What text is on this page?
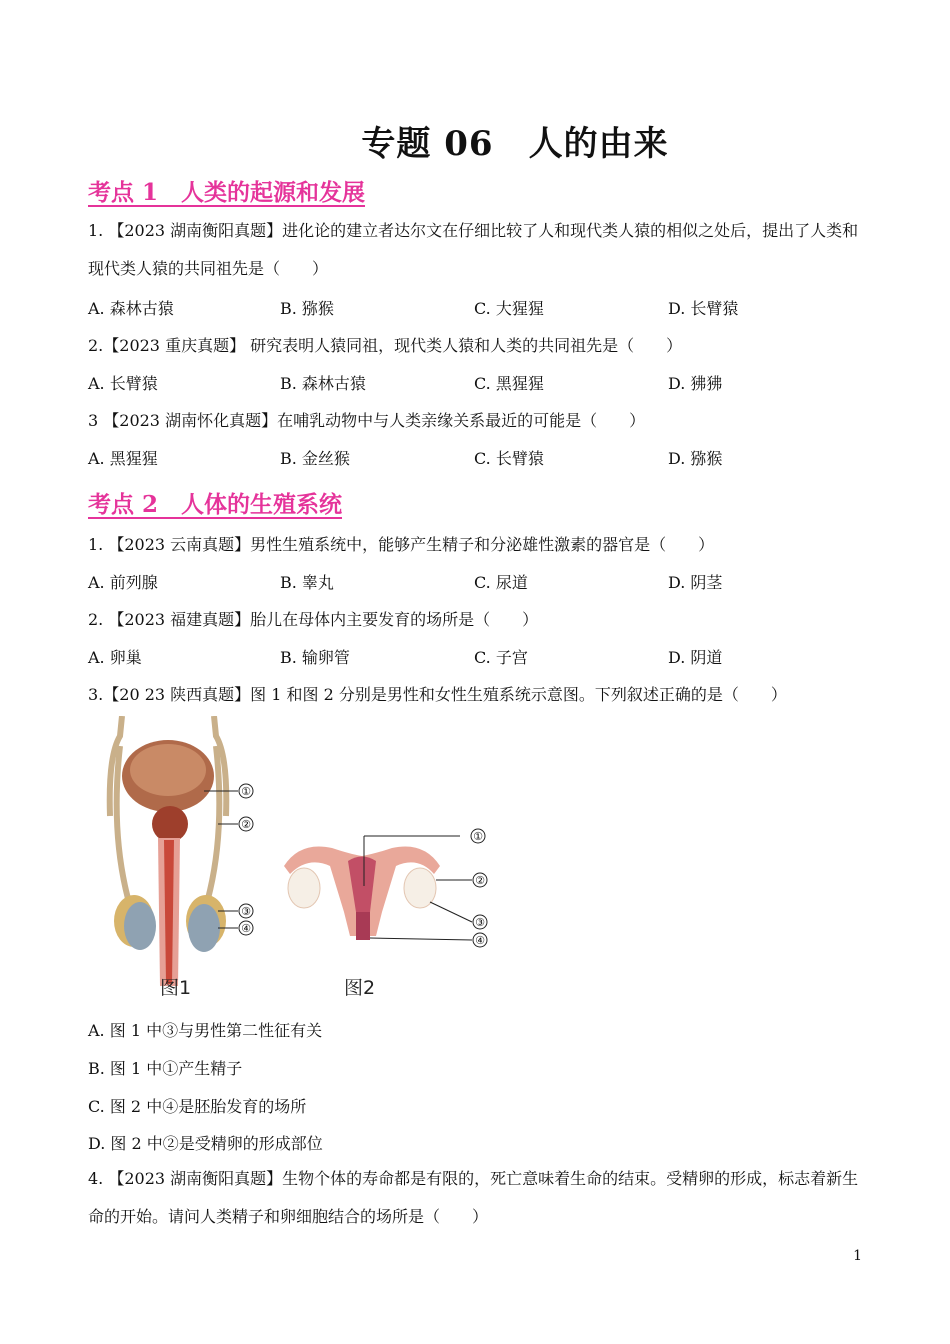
专题 06　人的由来
考点 1　人类的起源和发展
1. 【2023 湖南衡阳真题】进化论的建立者达尔文在仔细比较了人和现代类人猿的相似之处后，提出了人类和现代类人猿的共同祖先是（　　）
A. 森林古猿	B. 猕猴	C. 大猩猩	D. 长臂猿
2.【2023 重庆真题】 研究表明人猿同祖，现代类人猿和人类的共同祖先是（　　）
A. 长臂猿	B. 森林古猿	C. 黑猩猩	D. 狒狒
3 【2023 湖南怀化真题】在哺乳动物中与人类亲缘关系最近的可能是（　　）
A. 黑猩猩	B. 金丝猴	C. 长臂猿	D. 猕猴
考点 2　人体的生殖系统
1. 【2023 云南真题】男性生殖系统中，能够产生精子和分泌雄性激素的器官是（　　）
A. 前列腺	B. 睾丸	C. 尿道	D. 阴茎
2. 【2023 福建真题】胎儿在母体内主要发育的场所是（　　）
A. 卵巢	B. 输卵管	C. 子宫	D. 阴道
3.【20 23 陕西真题】图 1 和图 2 分别是男性和女性生殖系统示意图。下列叙述正确的是（　　）
①
②
③
④
图1
①
②
③
④
图2
A. 图 1 中③与男性第二性征有关
B. 图 1 中①产生精子
C. 图 2 中④是胚胎发育的场所
D. 图 2 中②是受精卵的形成部位
4. 【2023 湖南衡阳真题】生物个体的寿命都是有限的，死亡意味着生命的结束。受精卵的形成，标志着新生命的开始。请问人类精子和卵细胞结合的场所是（　　）
1
